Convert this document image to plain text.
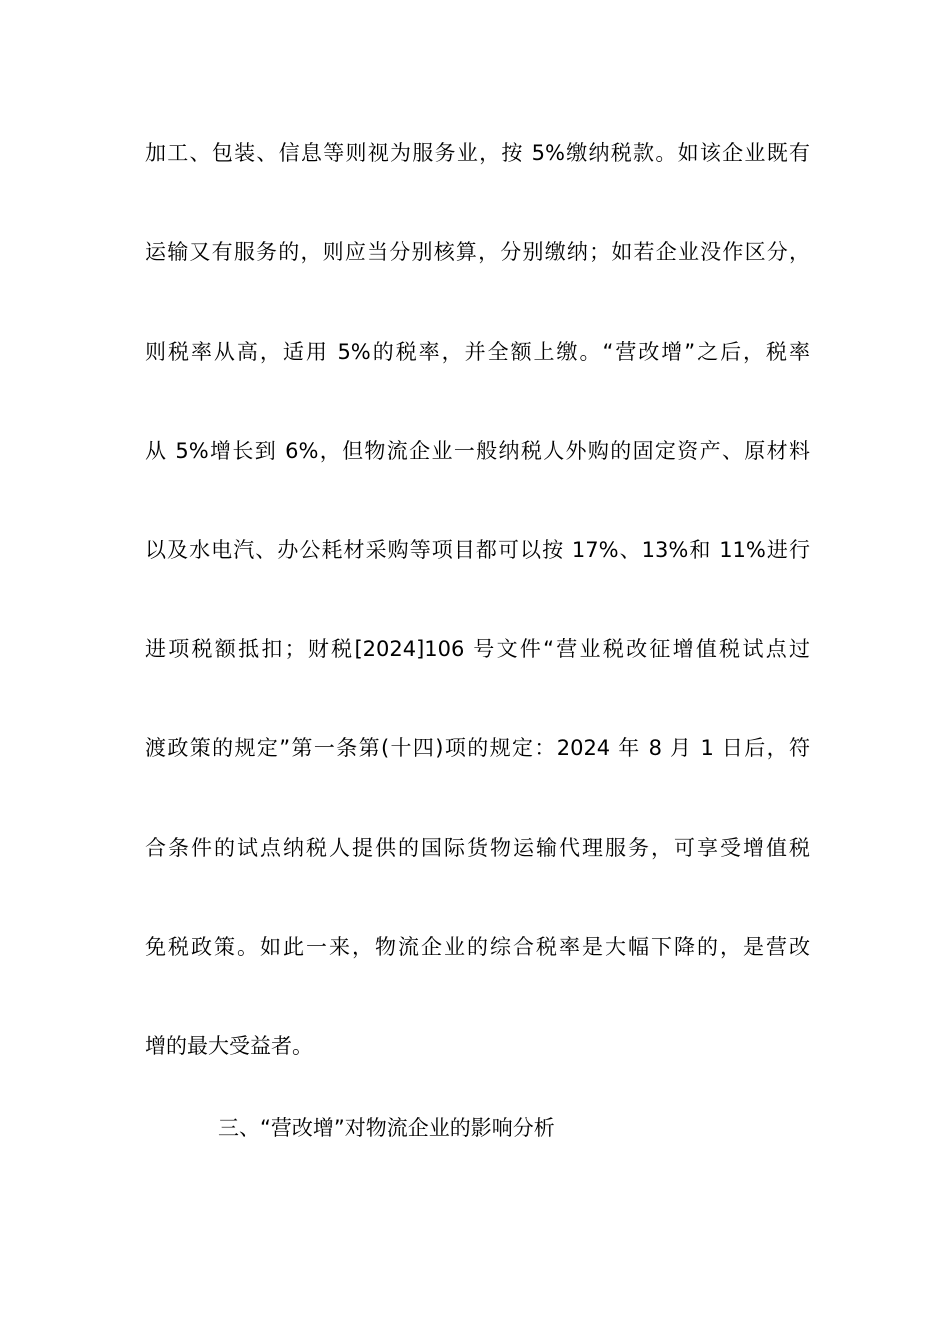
加工、包装、信息等则视为服务业，按 5%缴纳税款。如该企业既有
运输又有服务的，则应当分别核算，分别缴纳；如若企业没作区分，
则税率从高，适用 5%的税率，并全额上缴。“营改增”之后，税率
从 5%增长到 6%，但物流企业一般纳税人外购的固定资产、原材料
以及水电汽、办公耗材采购等项目都可以按 17%、13%和 11%进行
进项税额抵扣；财税[2024]106 号文件“营业税改征增值税试点过
渡政策的规定”第一条第(十四)项的规定：2024 年 8 月 1 日后，符
合条件的试点纳税人提供的国际货物运输代理服务，可享受增值税
免税政策。如此一来，物流企业的综合税率是大幅下降的，是营改
增的最大受益者。
三、“营改增”对物流企业的影响分析
